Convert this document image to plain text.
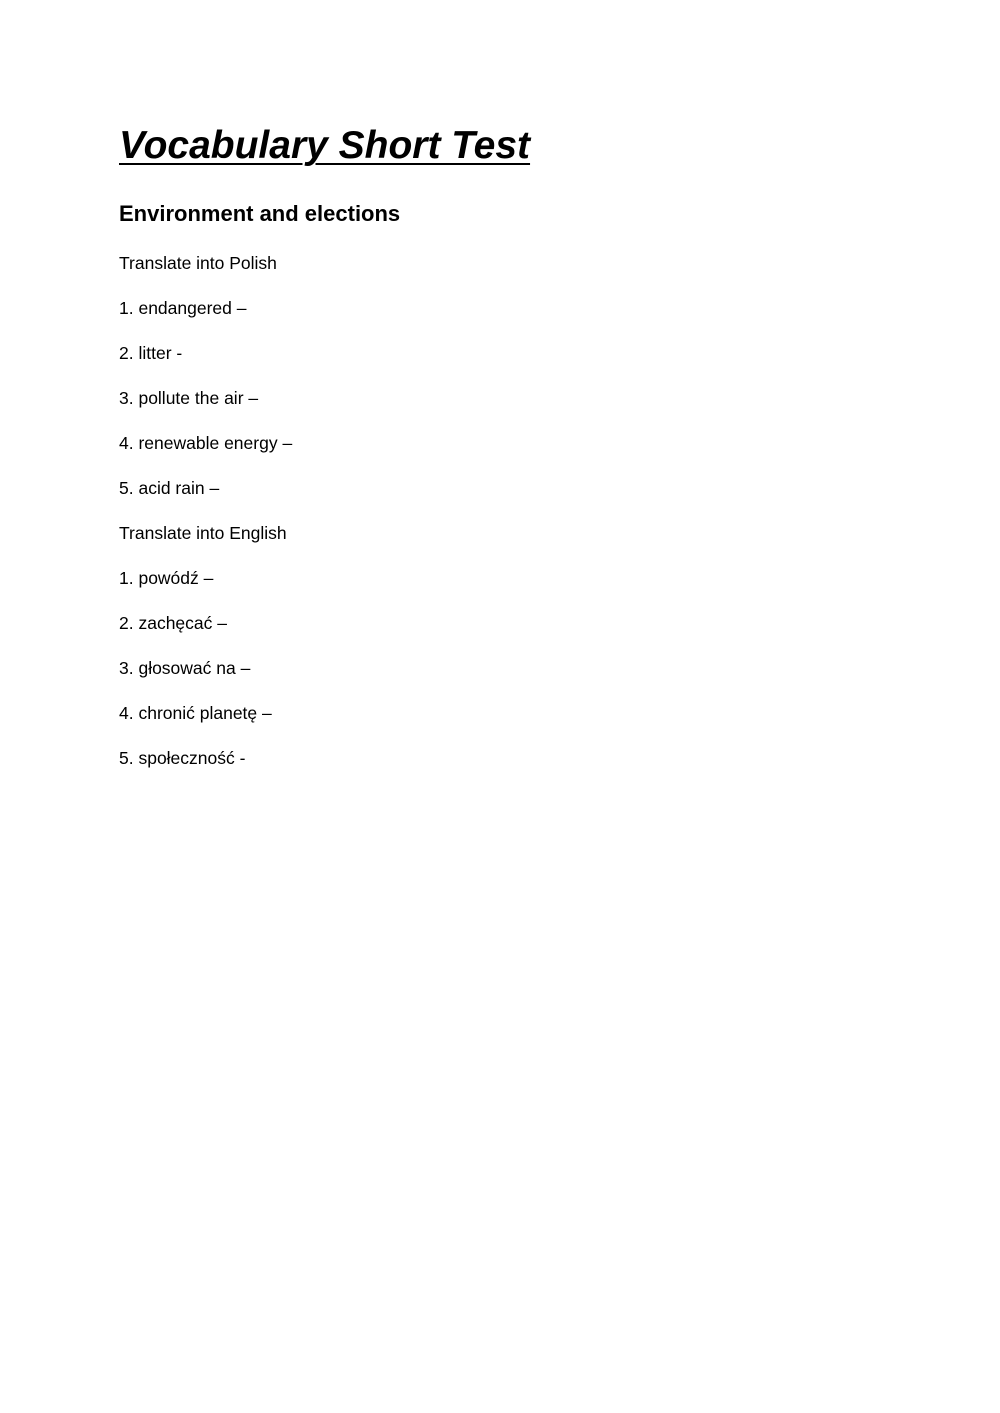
Vocabulary Short Test
Environment and elections
Translate into Polish
1. endangered –
2. litter -
3. pollute the air –
4. renewable energy –
5. acid rain –
Translate into English
1. powódź –
2. zachęcać –
3. głosować na –
4. chronić planetę –
5. społeczność -
